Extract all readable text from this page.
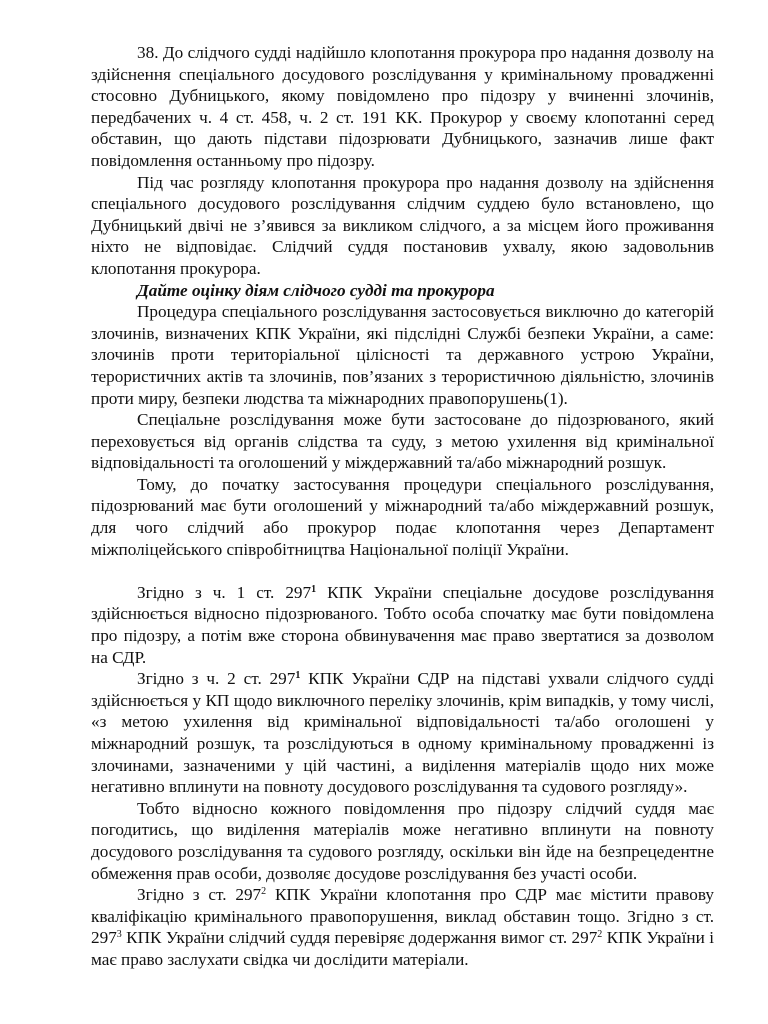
38. До слідчого судді надійшло клопотання прокурора про надання дозволу на здійснення спеціального досудового розслідування у кримінальному провадженні стосовно Дубницького, якому повідомлено про підозру у вчиненні злочинів, передбачених ч. 4 ст. 458, ч. 2 ст. 191 КК. Прокурор у своєму клопотанні серед обставин, що дають підстави підозрювати Дубницького, зазначив лише факт повідомлення останньому про підозру.

Під час розгляду клопотання прокурора про надання дозволу на здійснення спеціального досудового розслідування слідчим суддею було встановлено, що Дубницький двічі не з’явився за викликом слідчого, а за місцем його проживання ніхто не відповідає. Слідчий суддя постановив ухвалу, якою задовольнив клопотання прокурора.

Дайте оцінку діям слідчого судді та прокурора

Процедура спеціального розслідування застосовується виключно до категорій злочинів, визначених КПК України, які підслідні Службі безпеки України, а саме: злочинів проти територіальної цілісності та державного устрою України, терористичних актів та злочинів, пов’язаних з терористичною діяльністю, злочинів проти миру, безпеки людства та міжнародних правопорушень(1).

Спеціальне розслідування може бути застосоване до підозрюваного, який переховується від органів слідства та суду, з метою ухилення від кримінальної відповідальності та оголошений у міждержавний та/або міжнародний розшук.

Тому, до початку застосування процедури спеціального розслідування, підозрюваний має бути оголошений у міжнародний та/або міждержавний розшук, для чого слідчий або прокурор подає клопотання через Департамент міжполіцейського співробітництва Національної поліції України.

Згідно з ч. 1 ст. $297^1$ КПК України спеціальне досудове розслідування здійснюється відносно підозрюваного. Тобто особа спочатку має бути повідомлена про підозру, а потім вже сторона обвинувачення має право звертатися за дозволом на СДР.

Згідно з ч. 2 ст. $297^1$ КПК України СДР на підставі ухвали слідчого судді здійснюється у КП щодо виключного переліку злочинів, крім випадків, у тому числі, «з метою ухилення від кримінальної відповідальності та/або оголошені у міжнародний розшук, та розслідуються в одному кримінальному провадженні із злочинами, зазначеними у цій частині, а виділення матеріалів щодо них може негативно вплинути на повноту досудового розслідування та судового розгляду».

Тобто відносно кожного повідомлення про підозру слідчий суддя має погодитись, що виділення матеріалів може негативно вплинути на повноту досудового розслідування та судового розгляду, оскільки він йде на безпрецедентне обмеження прав особи, дозволяє досудове розслідування без участі особи.

Згідно з ст. $297^2$ КПК України клопотання про СДР має містити правову кваліфікацію кримінального правопорушення, виклад обставин тощо. Згідно з ст. $297^3$ КПК України слідчий суддя перевіряє додержання вимог ст. $297^2$ КПК України і має право заслухати свідка чи дослідити матеріали.
